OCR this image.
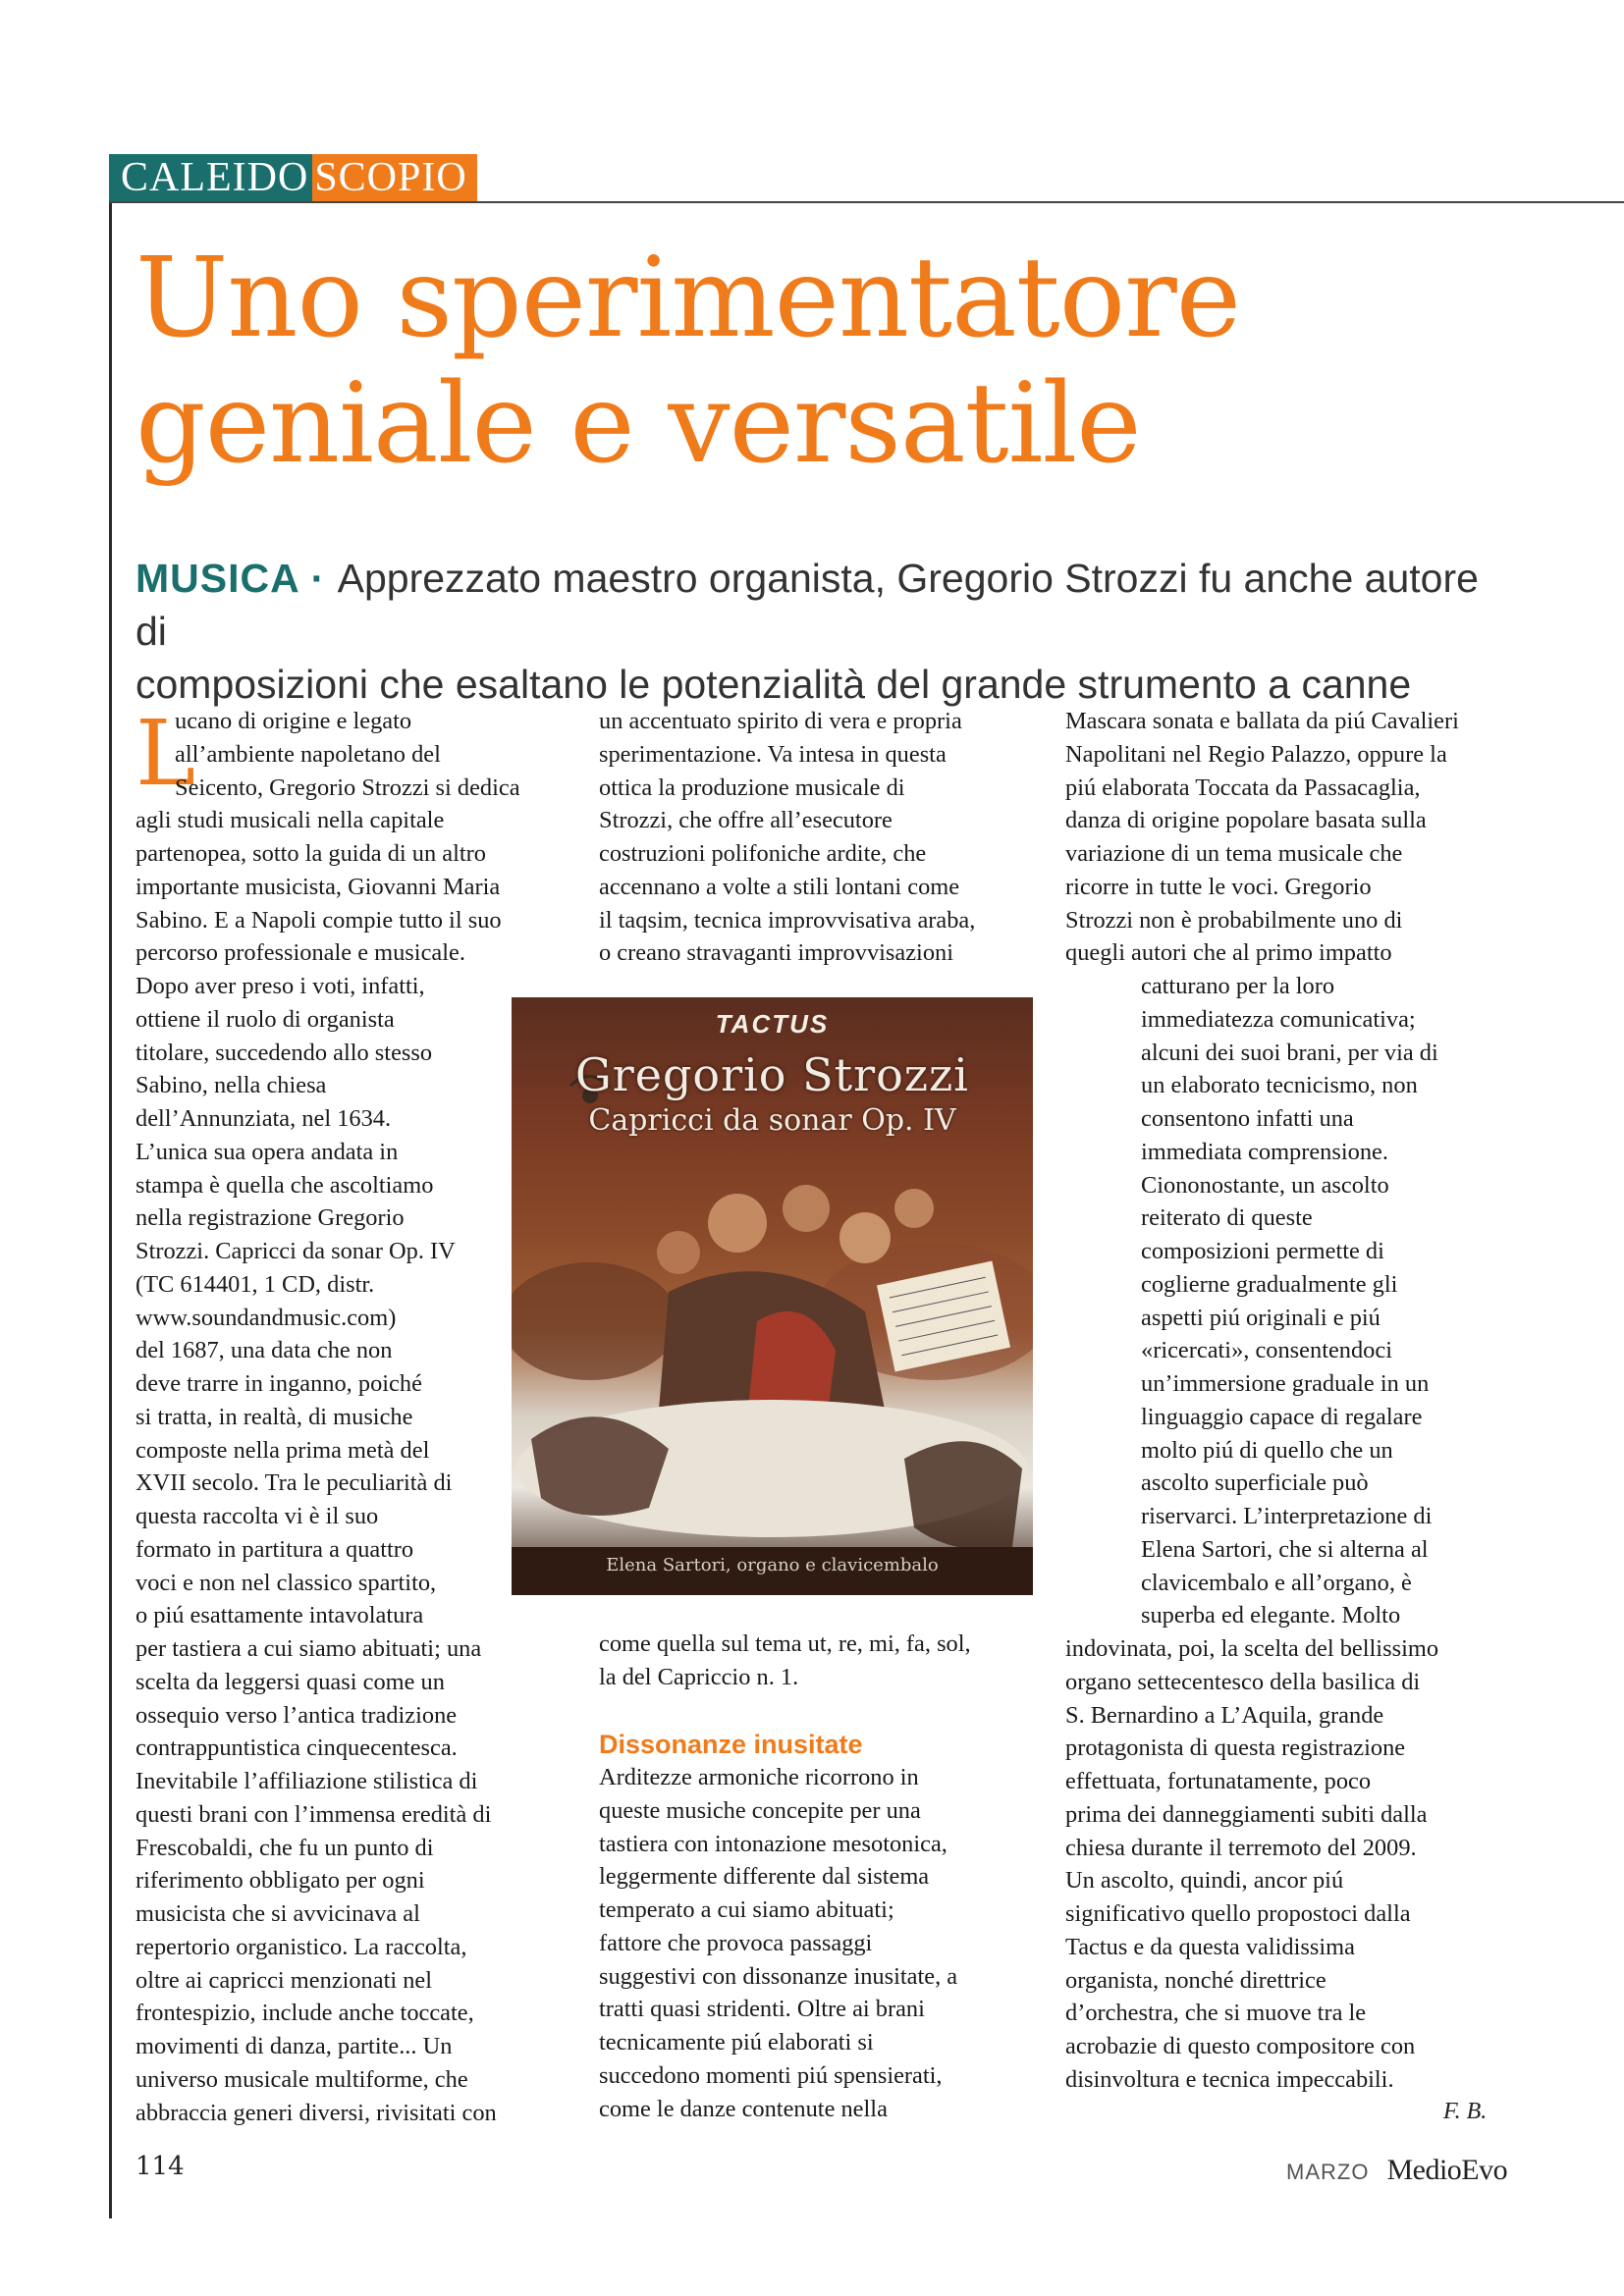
CALEIDO SCOPIO
Uno sperimentatore
geniale e versatile
MUSICA · Apprezzato maestro organista, Gregorio Strozzi fu anche autore di
composizioni che esaltano le potenzialità del grande strumento a canne
L
ucano di origine e legato
all’ambiente napoletano del
Seicento, Gregorio Strozzi si dedica
agli studi musicali nella capitale
partenopea, sotto la guida di un altro
importante musicista, Giovanni Maria
Sabino. E a Napoli compie tutto il suo
percorso professionale e musicale.
Dopo aver preso i voti, infatti,
ottiene il ruolo di organista
titolare, succedendo allo stesso
Sabino, nella chiesa
dell’Annunziata, nel 1634.
L’unica sua opera andata in
stampa è quella che ascoltiamo
nella registrazione Gregorio
Strozzi. Capricci da sonar Op. IV
(TC 614401, 1 CD, distr.
www.soundandmusic.com)
del 1687, una data che non
deve trarre in inganno, poiché
si tratta, in realtà, di musiche
composte nella prima metà del
XVII secolo. Tra le peculiarità di
questa raccolta vi è il suo
formato in partitura a quattro
voci e non nel classico spartito,
o piú esattamente intavolatura
per tastiera a cui siamo abituati; una
scelta da leggersi quasi come un
ossequio verso l’antica tradizione
contrappuntistica cinquecentesca.
Inevitabile l’affiliazione stilistica di
questi brani con l’immensa eredità di
Frescobaldi, che fu un punto di
riferimento obbligato per ogni
musicista che si avvicinava al
repertorio organistico. La raccolta,
oltre ai capricci menzionati nel
frontespizio, include anche toccate,
movimenti di danza, partite... Un
universo musicale multiforme, che
abbraccia generi diversi, rivisitati con
un accentuato spirito di vera e propria
sperimentazione. Va intesa in questa
ottica la produzione musicale di
Strozzi, che offre all’esecutore
costruzioni polifoniche ardite, che
accennano a volte a stili lontani come
il taqsim, tecnica improvvisativa araba,
o creano stravaganti improvvisazioni
come quella sul tema ut, re, mi, fa, sol,
la del Capriccio n. 1.
Dissonanze inusitate
Arditezze armoniche ricorrono in
queste musiche concepite per una
tastiera con intonazione mesotonica,
leggermente differente dal sistema
temperato a cui siamo abituati;
fattore che provoca passaggi
suggestivi con dissonanze inusitate, a
tratti quasi stridenti. Oltre ai brani
tecnicamente piú elaborati si
succedono momenti piú spensierati,
come le danze contenute nella
Mascara sonata e ballata da piú Cavalieri
Napolitani nel Regio Palazzo, oppure la
piú elaborata Toccata da Passacaglia,
danza di origine popolare basata sulla
variazione di un tema musicale che
ricorre in tutte le voci. Gregorio
Strozzi non è probabilmente uno di
quegli autori che al primo impatto
catturano per la loro
immediatezza comunicativa;
alcuni dei suoi brani, per via di
un elaborato tecnicismo, non
consentono infatti una
immediata comprensione.
Ciononostante, un ascolto
reiterato di queste
composizioni permette di
coglierne gradualmente gli
aspetti piú originali e piú
«ricercati», consentendoci
un’immersione graduale in un
linguaggio capace di regalare
molto piú di quello che un
ascolto superficiale può
riservarci. L’interpretazione di
Elena Sartori, che si alterna al
clavicembalo e all’organo, è
superba ed elegante. Molto
indovinata, poi, la scelta del bellissimo
organo settecentesco della basilica di
S. Bernardino a L’Aquila, grande
protagonista di questa registrazione
effettuata, fortunatamente, poco
prima dei danneggiamenti subiti dalla
chiesa durante il terremoto del 2009.
Un ascolto, quindi, ancor piú
significativo quello propostoci dalla
Tactus e da questa validissima
organista, nonché direttrice
d’orchestra, che si muove tra le
acrobazie di questo compositore con
disinvoltura e tecnica impeccabili.
F. B.
TACTUS
Gregorio Strozzi
Capricci da sonar Op. IV
Elena Sartori, organo e clavicembalo
114	MARZO MedioEvo
